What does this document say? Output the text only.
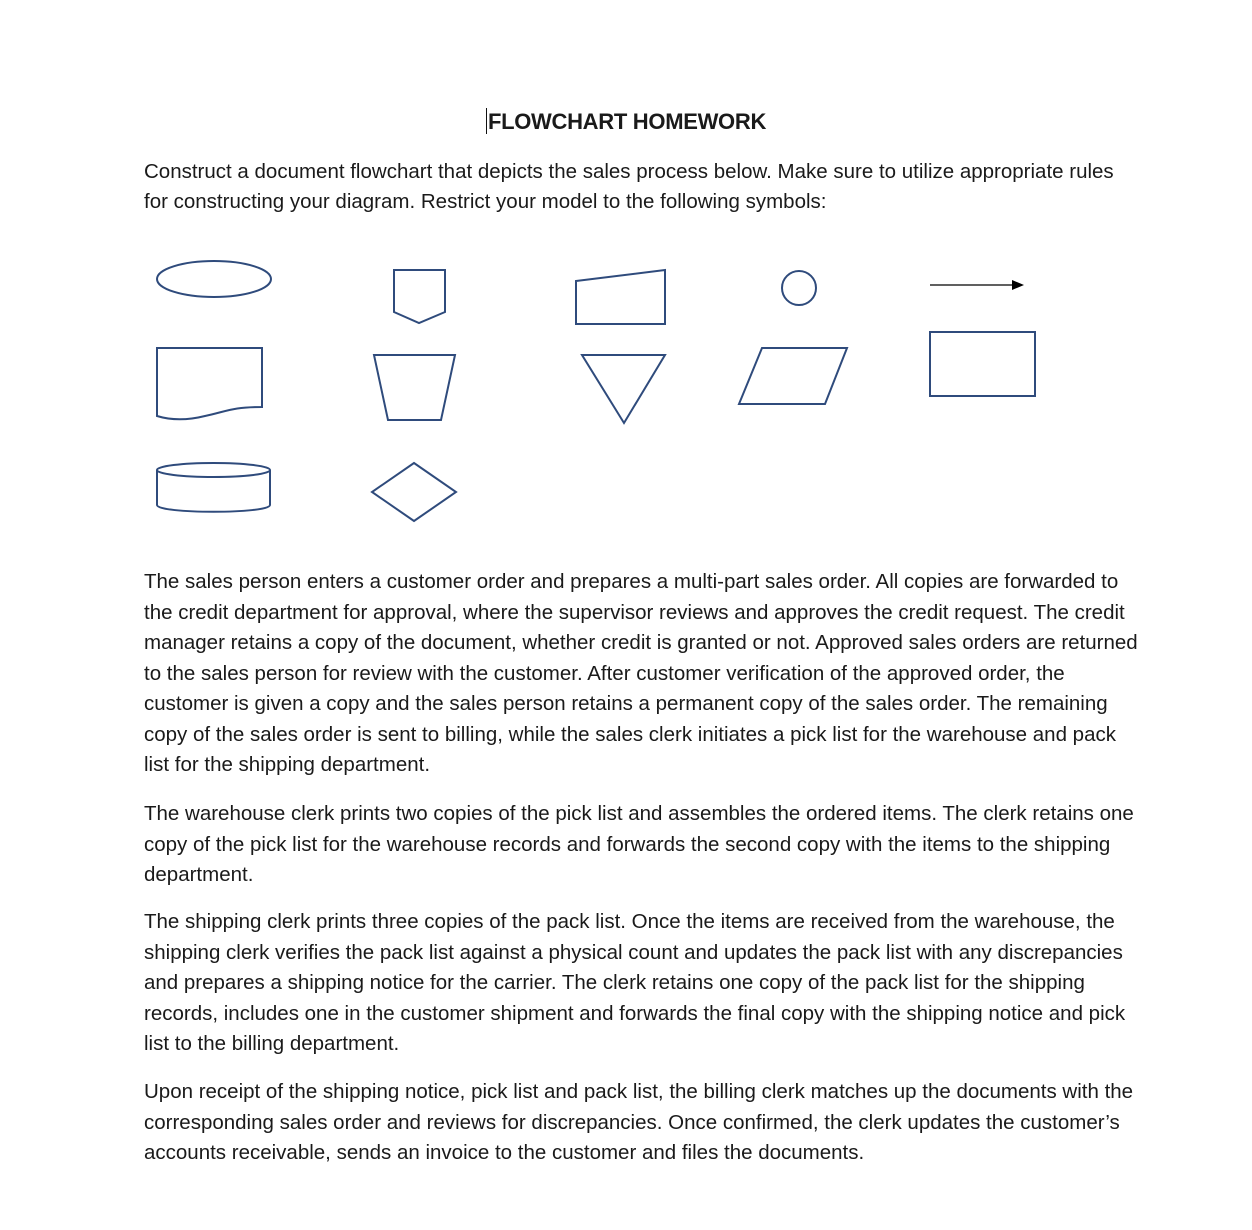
FLOWCHART HOMEWORK

Construct a document flowchart that depicts the sales process below. Make sure to utilize appropriate rules for constructing your diagram. Restrict your model to the following symbols:

The sales person enters a customer order and prepares a multi-part sales order. All copies are forwarded to the credit department for approval, where the supervisor reviews and approves the credit request. The credit manager retains a copy of the document, whether credit is granted or not. Approved sales orders are returned to the sales person for review with the customer. After customer verification of the approved order, the customer is given a copy and the sales person retains a permanent copy of the sales order. The remaining copy of the sales order is sent to billing, while the sales clerk initiates a pick list for the warehouse and pack list for the shipping department.

The warehouse clerk prints two copies of the pick list and assembles the ordered items. The clerk retains one copy of the pick list for the warehouse records and forwards the second copy with the items to the shipping department.

The shipping clerk prints three copies of the pack list. Once the items are received from the warehouse, the shipping clerk verifies the pack list against a physical count and updates the pack list with any discrepancies and prepares a shipping notice for the carrier. The clerk retains one copy of the pack list for the shipping records, includes one in the customer shipment and forwards the final copy with the shipping notice and pick list to the billing department.

Upon receipt of the shipping notice, pick list and pack list, the billing clerk matches up the documents with the corresponding sales order and reviews for discrepancies. Once confirmed, the clerk updates the customer’s accounts receivable, sends an invoice to the customer and files the documents.
